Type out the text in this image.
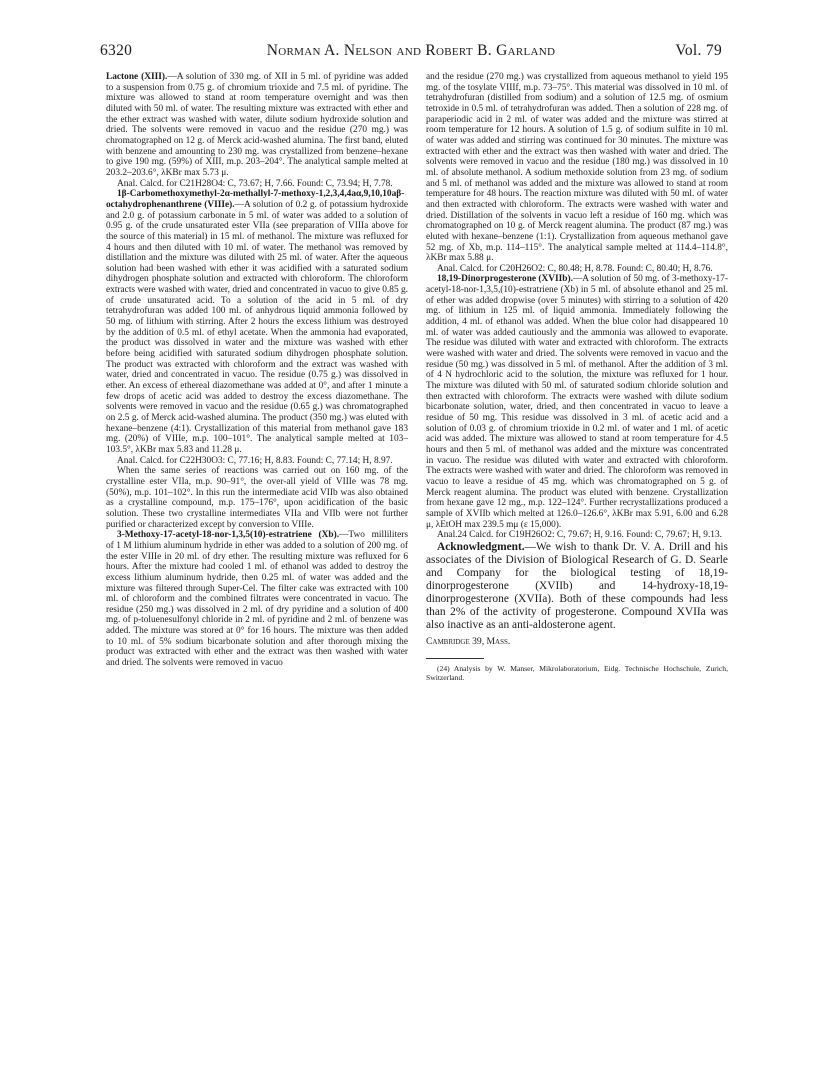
6320	Norman A. Nelson and Robert B. Garland	Vol. 79

Lactone (XIII).—A solution of 330 mg. of XII in 5 ml. of pyridine was added to a suspension from 0.75 g. of chromium trioxide and 7.5 ml. of pyridine. The mixture was allowed to stand at room temperature overnight and was then diluted with 50 ml. of water. The resulting mixture was extracted with ether and the ether extract was washed with water, dilute sodium hydroxide solution and dried. The solvents were removed in vacuo and the residue (270 mg.) was chromatographed on 12 g. of Merck acid-washed alumina. The first band, eluted with benzene and amounting to 230 mg. was crystallized from benzene–hexane to give 190 mg. (59%) of XIII, m.p. 203–204°. The analytical sample melted at 203.2–203.6°, λKBr max 5.73 μ.

Anal. Calcd. for C21H28O4: C, 73.67; H, 7.66. Found: C, 73.94; H, 7.78.

1β-Carbomethoxymethyl-2α-methallyl-7-methoxy-1,2,3,4,4aα,9,10,10aβ-octahydrophenanthrene (VIIIe).—A solution of 0.2 g. of potassium hydroxide and 2.0 g. of potassium carbonate in 5 ml. of water was added to a solution of 0.95 g. of the crude unsaturated ester VIIa (see preparation of VIIIa above for the source of this material) in 15 ml. of methanol. The mixture was refluxed for 4 hours and then diluted with 10 ml. of water. The methanol was removed by distillation and the mixture was diluted with 25 ml. of water. After the aqueous solution had been washed with ether it was acidified with a saturated sodium dihydrogen phosphate solution and extracted with chloroform. The chloroform extracts were washed with water, dried and concentrated in vacuo to give 0.85 g. of crude unsaturated acid. To a solution of the acid in 5 ml. of dry tetrahydrofuran was added 100 ml. of anhydrous liquid ammonia followed by 50 mg. of lithium with stirring. After 2 hours the excess lithium was destroyed by the addition of 0.5 ml. of ethyl acetate. When the ammonia had evaporated, the product was dissolved in water and the mixture was washed with ether before being acidified with saturated sodium dihydrogen phosphate solution. The product was extracted with chloroform and the extract was washed with water, dried and concentrated in vacuo. The residue (0.75 g.) was dissolved in ether. An excess of ethereal diazomethane was added at 0°, and after 1 minute a few drops of acetic acid was added to destroy the excess diazomethane. The solvents were removed in vacuo and the residue (0.65 g.) was chromatographed on 2.5 g. of Merck acid-washed alumina. The product (350 mg.) was eluted with hexane–benzene (4:1). Crystallization of this material from methanol gave 183 mg. (20%) of VIIIe, m.p. 100–101°. The analytical sample melted at 103–103.5°, λKBr max 5.83 and 11.28 μ.

Anal. Calcd. for C22H30O3: C, 77.16; H, 8.83. Found: C, 77.14; H, 8.97.

When the same series of reactions was carried out on 160 mg. of the crystalline ester VIIa, m.p. 90–91°, the over-all yield of VIIIe was 78 mg. (50%), m.p. 101–102°. In this run the intermediate acid VIIb was also obtained as a crystalline compound, m.p. 175–176°, upon acidification of the basic solution. These two crystalline intermediates VIIa and VIIb were not further purified or characterized except by conversion to VIIIe.

3-Methoxy-17-acetyl-18-nor-1,3,5(10)-estratriene (Xb).—Two milliliters of 1 M lithium aluminum hydride in ether was added to a solution of 200 mg. of the ester VIIIe in 20 ml. of dry ether. The resulting mixture was refluxed for 6 hours. After the mixture had cooled 1 ml. of ethanol was added to destroy the excess lithium aluminum hydride, then 0.25 ml. of water was added and the mixture was filtered through Super-Cel. The filter cake was extracted with 100 ml. of chloroform and the combined filtrates were concentrated in vacuo. The residue (250 mg.) was dissolved in 2 ml. of dry pyridine and a solution of 400 mg. of p-toluenesulfonyl chloride in 2 ml. of pyridine and 2 ml. of benzene was added. The mixture was stored at 0° for 16 hours. The mixture was then added to 10 ml. of 5% sodium bicarbonate solution and after thorough mixing the product was extracted with ether and the extract was then washed with water and dried. The solvents were removed in vacuo

and the residue (270 mg.) was crystallized from aqueous methanol to yield 195 mg. of the tosylate VIIIf, m.p. 73–75°. This material was dissolved in 10 ml. of tetrahydrofuran (distilled from sodium) and a solution of 12.5 mg. of osmium tetroxide in 0.5 ml. of tetrahydrofuran was added. Then a solution of 228 mg. of paraperiodic acid in 2 ml. of water was added and the mixture was stirred at room temperature for 12 hours. A solution of 1.5 g. of sodium sulfite in 10 ml. of water was added and stirring was continued for 30 minutes. The mixture was extracted with ether and the extract was then washed with water and dried. The solvents were removed in vacuo and the residue (180 mg.) was dissolved in 10 ml. of absolute methanol. A sodium methoxide solution from 23 mg. of sodium and 5 ml. of methanol was added and the mixture was allowed to stand at room temperature for 48 hours. The reaction mixture was diluted with 50 ml. of water and then extracted with chloroform. The extracts were washed with water and dried. Distillation of the solvents in vacuo left a residue of 160 mg. which was chromatographed on 10 g. of Merck reagent alumina. The product (87 mg.) was eluted with hexane–benzene (1:1). Crystallization from aqueous methanol gave 52 mg. of Xb, m.p. 114–115°. The analytical sample melted at 114.4–114.8°, λKBr max 5.88 μ.

Anal. Calcd. for C20H26O2: C, 80.48; H, 8.78. Found: C, 80.40; H, 8.76.

18,19-Dinorprogesterone (XVIIb).—A solution of 50 mg. of 3-methoxy-17-acetyl-18-nor-1,3,5,(10)-estratriene (Xb) in 5 ml. of absolute ethanol and 25 ml. of ether was added dropwise (over 5 minutes) with stirring to a solution of 420 mg. of lithium in 125 ml. of liquid ammonia. Immediately following the addition, 4 ml. of ethanol was added. When the blue color had disappeared 10 ml. of water was added cautiously and the ammonia was allowed to evaporate. The residue was diluted with water and extracted with chloroform. The extracts were washed with water and dried. The solvents were removed in vacuo and the residue (50 mg.) was dissolved in 5 ml. of methanol. After the addition of 3 ml. of 4 N hydrochloric acid to the solution, the mixture was refluxed for 1 hour. The mixture was diluted with 50 ml. of saturated sodium chloride solution and then extracted with chloroform. The extracts were washed with dilute sodium bicarbonate solution, water, dried, and then concentrated in vacuo to leave a residue of 50 mg. This residue was dissolved in 3 ml. of acetic acid and a solution of 0.03 g. of chromium trioxide in 0.2 ml. of water and 1 ml. of acetic acid was added. The mixture was allowed to stand at room temperature for 4.5 hours and then 5 ml. of methanol was added and the mixture was concentrated in vacuo. The residue was diluted with water and extracted with chloroform. The extracts were washed with water and dried. The chloroform was removed in vacuo to leave a residue of 45 mg. which was chromatographed on 5 g. of Merck reagent alumina. The product was eluted with benzene. Crystallization from hexane gave 12 mg., m.p. 122–124°. Further recrystallizations produced a sample of XVIIb which melted at 126.0–126.6°, λKBr max 5.91, 6.00 and 6.28 μ, λEtOH max 239.5 mμ (ε 15,000).

Anal.24 Calcd. for C19H26O2: C, 79.67; H, 9.16. Found: C, 79.67; H, 9.13.

Acknowledgment.—We wish to thank Dr. V. A. Drill and his associates of the Division of Biological Research of G. D. Searle and Company for the biological testing of 18,19-dinorprogesterone (XVIIb) and 14-hydroxy-18,19-dinorprogesterone (XVIIa). Both of these compounds had less than 2% of the activity of progesterone. Compound XVIIa was also inactive as an anti-aldosterone agent.

Cambridge 39, Mass.

(24) Analysis by W. Manser, Mikrolaboratorium, Eidg. Technische Hochschule, Zurich, Switzerland.
